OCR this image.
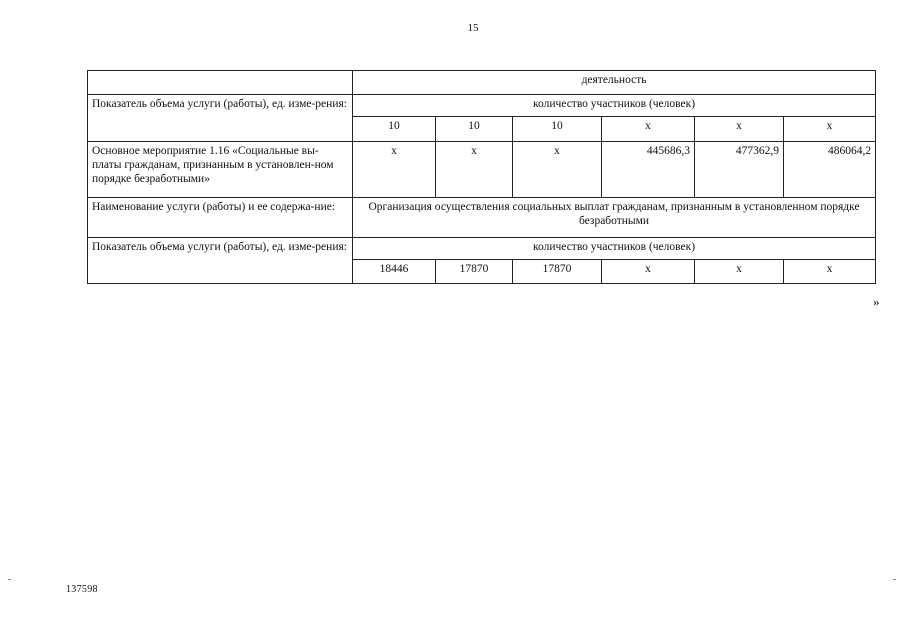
15
	деятельность					
Показатель объема услуги (работы), ед. изме-рения:	количество участников (человек)					
	10	10	10	х	х	х
Основное мероприятие 1.16 «Социальные вы-платы гражданам, признанным в установлен-ном порядке безработными»	х	х	х	445686,3	477362,9	486064,2
Наименование услуги (работы) и ее содержа-ние:	Организация осуществления социальных выплат гражданам, признанным в установленном порядке безработными					
Показатель объема услуги (работы), ед. изме-рения:	количество участников (человек)					
	18446	17870	17870	х	х	х
»
137598
